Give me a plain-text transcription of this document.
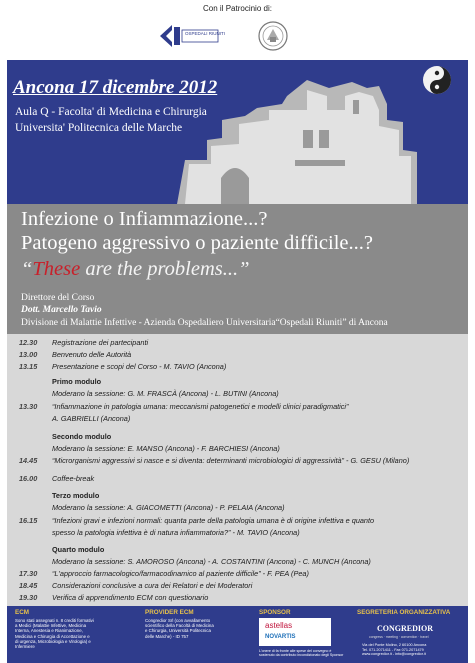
Con il Patrocinio di:
OSPEDALI RIUNITI
Ancona 17 dicembre 2012
Aula Q - Facolta' di Medicina e Chirurgia
Universita' Politecnica delle Marche
Infezione o Infiammazione...?
Patogeno aggressivo o paziente difficile...?
“These are the problems...”
Direttore del Corso
Dott. Marcello Tavio
Divisione di Malattie Infettive - Azienda Ospedaliero Universitaria“Ospedali Riuniti” di Ancona
12.30 Registrazione dei partecipanti
13.00 Benvenuto delle Autorità
13.15 Presentazione e scopi del Corso - M. TAVIO (Ancona)
Primo modulo
Moderano la sessione: G. M. FRASCÀ (Ancona) - L. BUTINI (Ancona)
13.30 “Infiammazione in patologia umana: meccanismi patogenetici e modelli clinici paradigmatici”
A. GABRIELLI (Ancona)
Secondo modulo
Moderano la sessione: E. MANSO (Ancona) - F. BARCHIESI (Ancona)
14.45 “Microrganismi aggressivi si nasce e si diventa: determinanti microbiologici di aggressività” - G. GESU (Milano)
16.00 Coffee-break
Terzo modulo
Moderano la sessione: A. GIACOMETTI (Ancona) - P. PELAIA (Ancona)
16.15 “Infezioni gravi e infezioni normali: quanta parte della patologia umana è di origine infettiva e quanto
spesso la patologia infettiva è di natura infiammatoria?” - M. TAVIO (Ancona)
Quarto modulo
Moderano la sessione: S. AMOROSO (Ancona) - A. COSTANTINI (Ancona) - C. MUNCH (Ancona)
17.30 “L'approccio farmacologico/farmacodinamico al paziente difficile” - F. PEA (Pea)
18.45 Considerazioni conclusive a cura dei Relatori e dei Moderatori
19.30 Verifica di apprendimento ECM con questionario
ECM
Sono stati assegnati n. 8 crediti formativi
a Medici (Malattie Infettive, Medicina
Interna, Anestesia e Rianimazione,
Medicina e Chirurgia di Accettazione e
di urgenza, Microbiologia e Virologia) e
Infermiere
PROVIDER ECM
Congredior Srl (con avvallamento
scientifico della Facoltà di Medicina
e Chirurgia, Università Politecnica
delle Marche) - ID 757
SPONSOR
astellas
NOVARTIS
L'onere di fa fronte alle spese del convegno è
sostenuto da contributo incondizionato degli Sponsor
SEGRETERIA ORGANIZZATIVA
CONGREDIOR
congress · meeting · convention · travel
Via del Ponte Molino, 2 60100 Ancona
Tel. 071.2071411 - Fax 071.2071479
www.congredior.it - info@congredior.it
